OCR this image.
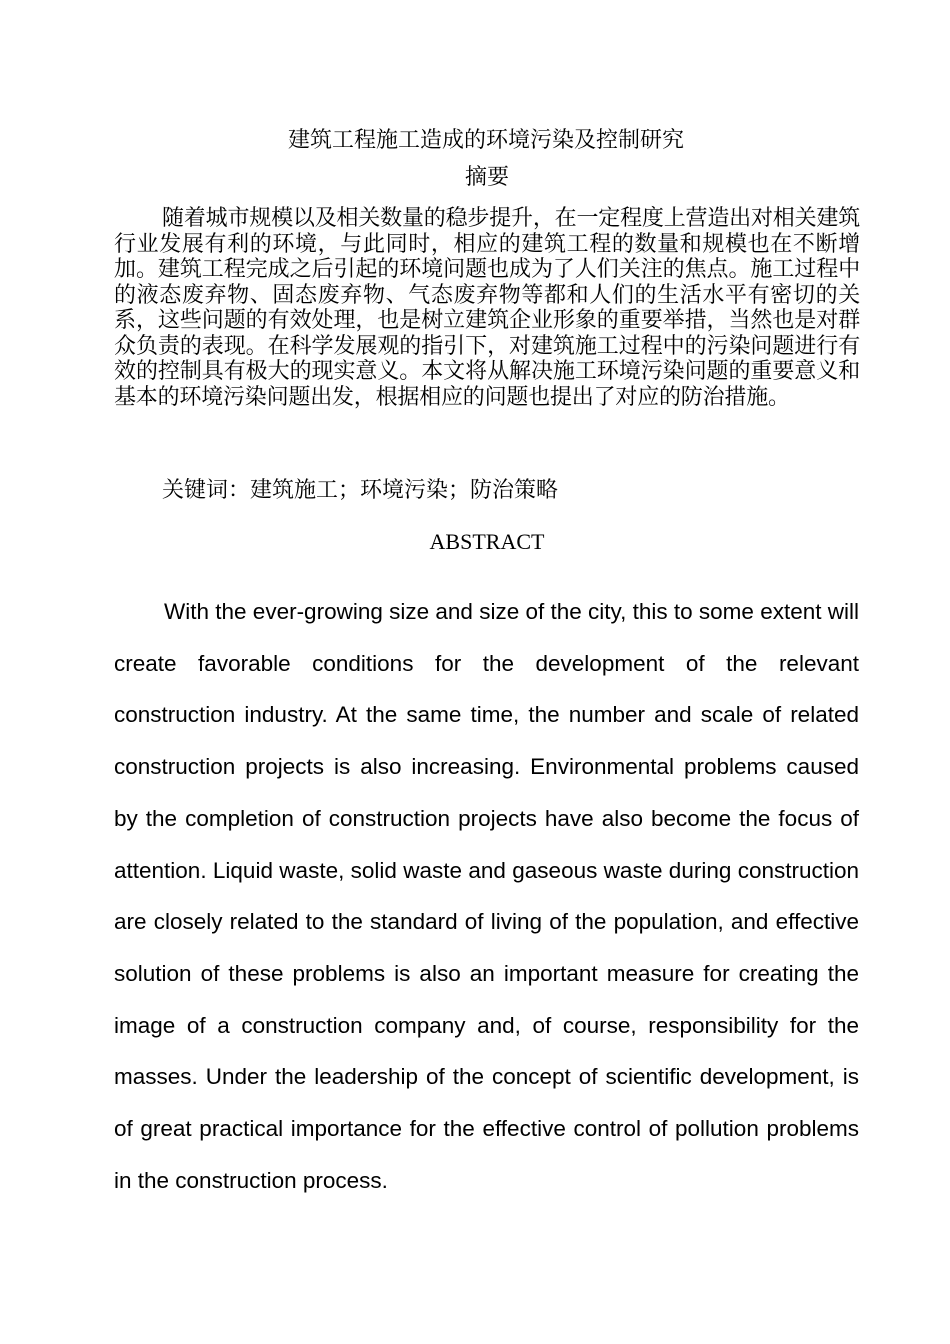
建筑工程施工造成的环境污染及控制研究
摘要
随着城市规模以及相关数量的稳步提升，在一定程度上营造出对相关建筑行业发展有利的环境，与此同时，相应的建筑工程的数量和规模也在不断增加。建筑工程完成之后引起的环境问题也成为了人们关注的焦点。施工过程中的液态废弃物、固态废弃物、气态废弃物等都和人们的生活水平有密切的关系，这些问题的有效处理，也是树立建筑企业形象的重要举措，当然也是对群众负责的表现。在科学发展观的指引下，对建筑施工过程中的污染问题进行有效的控制具有极大的现实意义。本文将从解决施工环境污染问题的重要意义和基本的环境污染问题出发，根据相应的问题也提出了对应的防治措施。
关键词：建筑施工；环境污染；防治策略
ABSTRACT
With the ever-growing size and size of the city, this to some extent will create favorable conditions for the development of the relevant construction industry. At the same time, the number and scale of related construction projects is also increasing. Environmental problems caused by the completion of construction projects have also become the focus of attention. Liquid waste, solid waste and gaseous waste during construction are closely related to the standard of living of the population, and effective solution of these problems is also an important measure for creating the image of a construction company and, of course, responsibility for the masses. Under the leadership of the concept of scientific development, is of great practical importance for the effective control of pollution problems in the construction process.
